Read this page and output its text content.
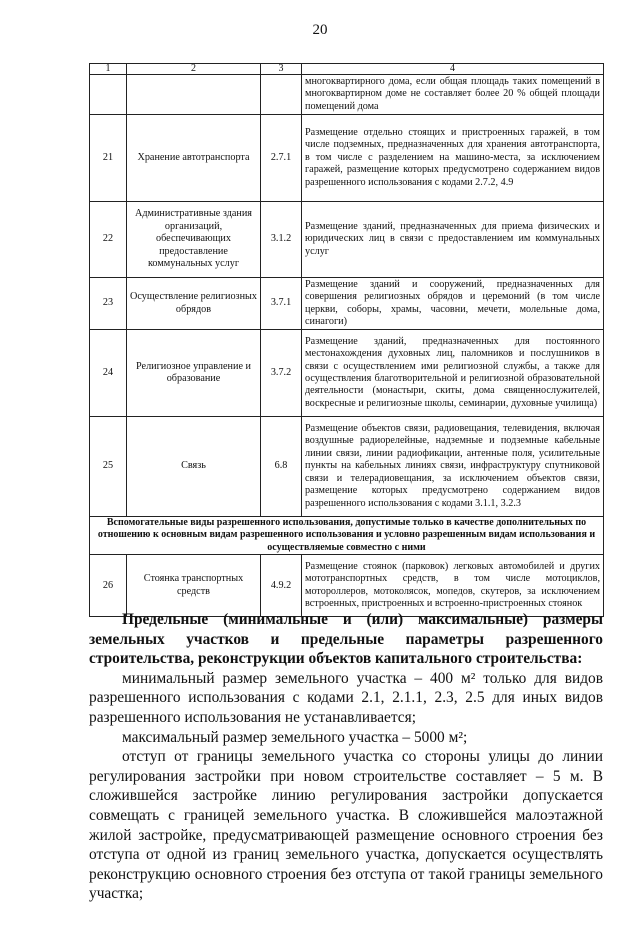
20
1	2	3	4
			многоквартирного дома, если общая площадь таких помещений в многоквартирном доме не составляет более 20 % общей площади помещений дома
21	Хранение автотранспорта	2.7.1	Размещение отдельно стоящих и пристроенных гаражей, в том числе подземных, предназначенных для хранения автотранспорта, в том числе с разделением на машино-места, за исключением гаражей, размещение которых предусмотрено содержанием видов разрешенного использования с кодами 2.7.2, 4.9
22	Административные здания организаций, обеспечивающих предоставление коммунальных услуг	3.1.2	Размещение зданий, предназначенных для приема физических и юридических лиц в связи с предоставлением им коммунальных услуг
23	Осуществление религиозных обрядов	3.7.1	Размещение зданий и сооружений, предназначенных для совершения религиозных обрядов и церемоний (в том числе церкви, соборы, храмы, часовни, мечети, молельные дома, синагоги)
24	Религиозное управление и образование	3.7.2	Размещение зданий, предназначенных для постоянного местонахождения духовных лиц, паломников и послушников в связи с осуществлением ими религиозной службы, а также для осуществления благотворительной и религиозной образовательной деятельности (монастыри, скиты, дома священнослужителей, воскресные и религиозные школы, семинарии, духовные училища)
25	Связь	6.8	Размещение объектов связи, радиовещания, телевидения, включая воздушные радиорелейные, надземные и подземные кабельные линии связи, линии радиофикации, антенные поля, усилительные пункты на кабельных линиях связи, инфраструктуру спутниковой связи и телерадиовещания, за исключением объектов связи, размещение которых предусмотрено содержанием видов разрешенного использования с кодами 3.1.1, 3.2.3
Вспомогательные виды разрешенного использования, допустимые только в качестве дополнительных по отношению к основным видам разрешенного использования и условно разрешенным видам использования и осуществляемые совместно с ними			
26	Стоянка транспортных средств	4.9.2	Размещение стоянок (парковок) легковых автомобилей и других мототранспортных средств, в том числе мотоциклов, мотороллеров, мотоколясок, мопедов, скутеров, за исключением встроенных, пристроенных и встроенно-пристроенных стоянок

Предельные (минимальные и (или) максимальные) размеры земельных участков и предельные параметры разрешенного строительства, реконструкции объектов капитального строительства:

минимальный размер земельного участка – 400 м² только для видов разрешенного использования с кодами 2.1, 2.1.1, 2.3, 2.5 для иных видов разрешенного использования не устанавливается;

максимальный размер земельного участка – 5000 м²;

отступ от границы земельного участка со стороны улицы до линии регулирования застройки при новом строительстве составляет – 5 м. В сложившейся застройке линию регулирования застройки допускается совмещать с границей земельного участка. В сложившейся малоэтажной жилой застройке, предусматривающей размещение основного строения без отступа от одной из границ земельного участка, допускается осуществлять реконструкцию основного строения без отступа от такой границы земельного участка;
